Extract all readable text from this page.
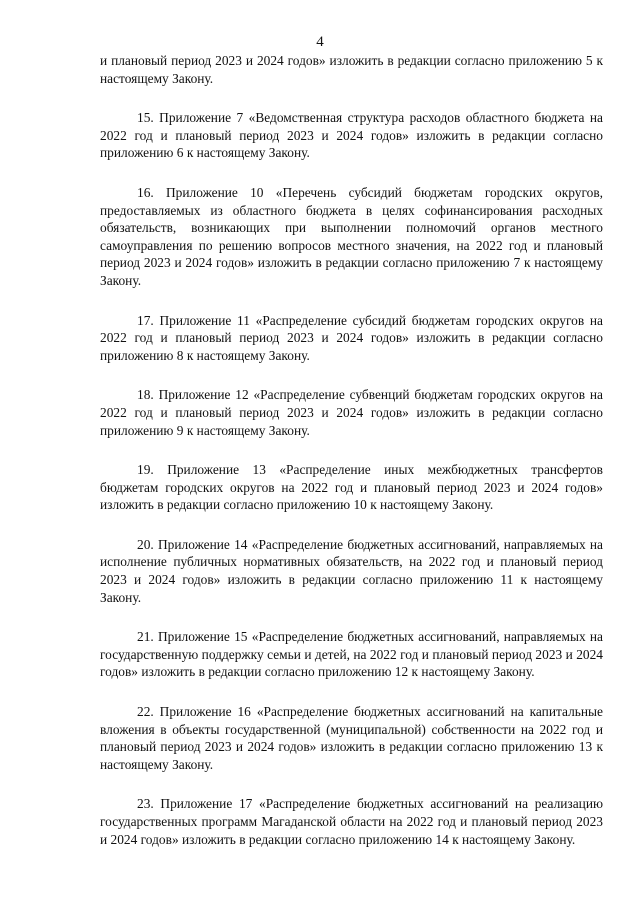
4

и плановый период 2023 и 2024 годов» изложить в редакции согласно приложению 5 к настоящему Закону.

15. Приложение 7 «Ведомственная структура расходов областного бюджета на 2022 год и плановый период 2023 и 2024 годов» изложить в редакции согласно приложению 6 к настоящему Закону.

16. Приложение 10 «Перечень субсидий бюджетам городских округов, предоставляемых из областного бюджета в целях софинансирования расходных обязательств, возникающих при выполнении полномочий органов местного самоуправления по решению вопросов местного значения, на 2022 год и плановый период 2023 и 2024 годов» изложить в редакции согласно приложению 7 к настоящему Закону.

17. Приложение 11 «Распределение субсидий бюджетам городских округов на 2022 год и плановый период 2023 и 2024 годов» изложить в редакции согласно приложению 8 к настоящему Закону.

18. Приложение 12 «Распределение субвенций бюджетам городских округов на 2022 год и плановый период 2023 и 2024 годов» изложить в редакции согласно приложению 9 к настоящему Закону.

19. Приложение 13 «Распределение иных межбюджетных трансфертов бюджетам городских округов на 2022 год и плановый период 2023 и 2024 годов» изложить в редакции согласно приложению 10 к настоящему Закону.

20. Приложение 14 «Распределение бюджетных ассигнований, направляемых на исполнение публичных нормативных обязательств, на 2022 год и плановый период 2023 и 2024 годов» изложить в редакции согласно приложению 11 к настоящему Закону.

21. Приложение 15 «Распределение бюджетных ассигнований, направляемых на государственную поддержку семьи и детей, на 2022 год и плановый период 2023 и 2024 годов» изложить в редакции согласно приложению 12 к настоящему Закону.

22. Приложение 16 «Распределение бюджетных ассигнований на капитальные вложения в объекты государственной (муниципальной) собственности на 2022 год и плановый период 2023 и 2024 годов» изложить в редакции согласно приложению 13 к настоящему Закону.

23. Приложение 17 «Распределение бюджетных ассигнований на реализацию государственных программ Магаданской области на 2022 год и плановый период 2023 и 2024 годов» изложить в редакции согласно приложению 14 к настоящему Закону.
